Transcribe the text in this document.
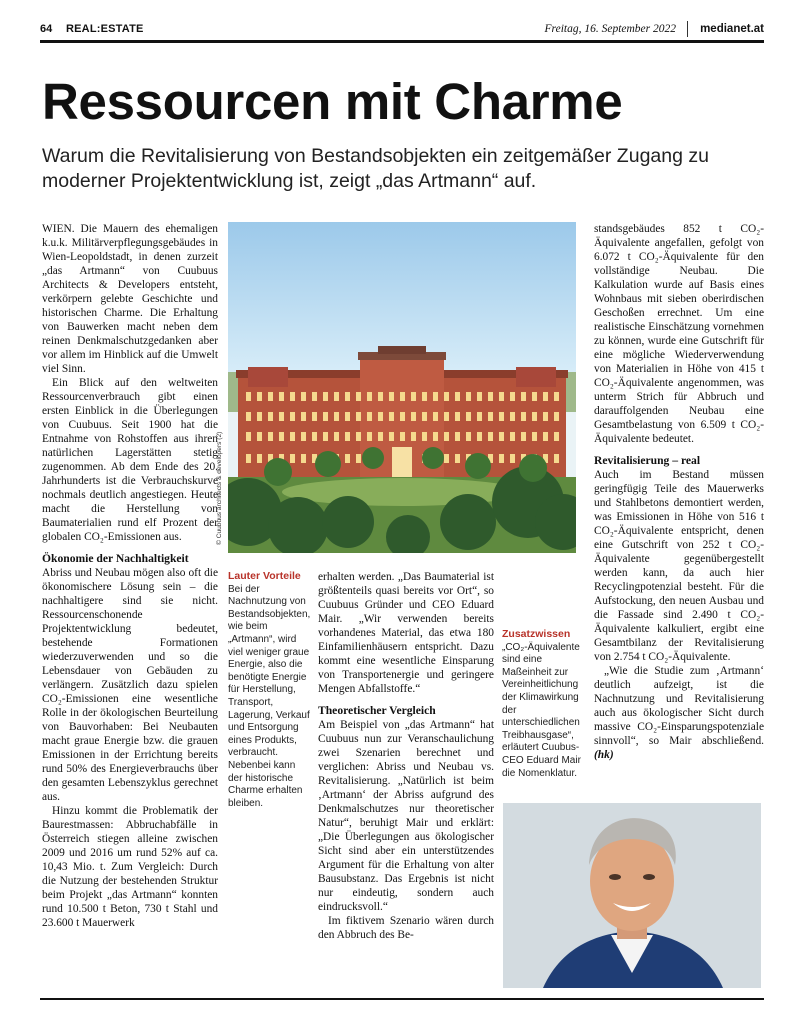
64 REAL:ESTATE	Freitag, 16. September 2022 medianet.at
Ressourcen mit Charme
Warum die Revitalisierung von Bestandsobjekten ein zeitgemäßer Zugang zu moderner Projektentwicklung ist, zeigt „das Artmann“ auf.

WIEN. Die Mauern des ehemaligen k.u.k. Militärverpflegungsgebäudes in Wien-Leopoldstadt, in denen zurzeit „das Artmann“ von Cuubuus Architects & Developers entsteht, verkörpern gelebte Geschichte und historischen Charme. Die Erhaltung von Bauwerken macht neben dem reinen Denkmalschutzgedanken aber vor allem im Hinblick auf die Umwelt viel Sinn.

Ein Blick auf den weltweiten Ressourcenverbrauch gibt einen ersten Einblick in die Überlegungen von Cuubuus. Seit 1900 hat die Entnahme von Rohstoffen aus ihren natürlichen Lagerstätten stetig zugenommen. Ab dem Ende des 20. Jahrhunderts ist die Verbrauchskurve nochmals deutlich angestiegen. Heute macht die Herstellung von Baumaterialien rund elf Prozent der globalen CO₂-Emissionen aus.

Ökonomie der Nachhaltigkeit

Abriss und Neubau mögen also oft die ökonomischere Lösung sein – die nachhaltigere sind sie nicht. Ressourcenschonende Projektentwicklung bedeutet, bestehende Formationen wiederzuverwenden und so die Lebensdauer von Gebäuden zu verlängern. Zusätzlich dazu spielen CO₂-Emissionen eine wesentliche Rolle in der ökologischen Beurteilung von Bauvorhaben: Bei Neubauten macht graue Energie bzw. die grauen Emissionen in der Errichtung bereits rund 50% des Energieverbrauchs über den gesamten Lebenszyklus gerechnet aus.

Hinzu kommt die Problematik der Baurestmassen: Abbruchabfälle in Österreich stiegen alleine zwischen 2009 und 2016 um rund 52% auf ca. 10,43 Mio. t. Zum Vergleich: Durch die Nutzung der bestehenden Struktur beim Projekt „das Artmann“ konnten rund 10.500 t Beton, 730 t Stahl und 23.600 t Mauerwerk

© Cuubuus architects & developers (2)
Lauter Vorteile
Bei der Nachnutzung von Bestandsobjekten, wie beim „Artmann“, wird viel weniger graue Energie, also die benötigte Energie für Herstellung, Transport, Lagerung, Verkauf und Entsorgung eines Produkts, verbraucht. Nebenbei kann der historische Charme erhalten bleiben.

erhalten werden. „Das Baumaterial ist größtenteils quasi bereits vor Ort“, so Cuubuus Gründer und CEO Eduard Mair. „Wir verwenden bereits vorhandenes Material, das etwa 180 Einfamilienhäusern entspricht. Dazu kommt eine wesentliche Einsparung von Transportenergie und geringere Mengen Abfallstoffe.“

Theoretischer Vergleich

Am Beispiel von „das Artmann“ hat Cuubuus nun zur Veranschaulichung zwei Szenarien berechnet und verglichen: Abriss und Neubau vs. Revitalisierung. „Natürlich ist beim ‚Artmann‘ der Abriss aufgrund des Denkmalschutzes nur theoretischer Natur“, beruhigt Mair und erklärt: „Die Überlegungen aus ökologischer Sicht sind aber ein unterstützendes Argument für die Erhaltung von alter Bausubstanz. Das Ergebnis ist nicht nur eindeutig, sondern auch eindrucksvoll.“

Im fiktivem Szenario wären durch den Abbruch des Be-

Zusatzwissen
„CO₂-Äquivalente sind eine Maßeinheit zur Vereinheitlichung der Klimawirkung der unterschiedlichen Treibhausgase“, erläutert Cuubus-CEO Eduard Mair die Nomenklatur.

standsgebäudes 852 t CO₂-Äquivalente angefallen, gefolgt von 6.072 t CO₂-Äquivalente für den vollständige Neubau. Die Kalkulation wurde auf Basis eines Wohnbaus mit sieben oberirdischen Geschoßen errechnet. Um eine realistische Einschätzung vornehmen zu können, wurde eine Gutschrift für eine mögliche Wiederverwendung von Materialien in Höhe von 415 t CO₂-Äquivalente angenommen, was unterm Strich für Abbruch und darauffolgenden Neubau eine Gesamtbelastung von 6.509 t CO₂-Äquivalente bedeutet.

Revitalisierung – real

Auch im Bestand müssen geringfügig Teile des Mauerwerks und Stahlbetons demontiert werden, was Emissionen in Höhe von 516 t CO₂-Äquivalente entspricht, denen eine Gutschrift von 252 t CO₂-Äquivalente gegenübergestellt werden kann, da auch hier Recyclingpotenzial besteht. Für die Aufstockung, den neuen Ausbau und die Fassade sind 2.490 t CO₂-Äquivalente kalkuliert, ergibt eine Gesamtbilanz der Revitalisierung von 2.754 t CO₂-Äquivalente.

„Wie die Studie zum ‚Artmann‘ deutlich aufzeigt, ist die Nachnutzung und Revitalisierung auch aus ökologischer Sicht durch massive CO₂-Einsparungspotenziale sinnvoll“, so Mair abschließend. (hk)
